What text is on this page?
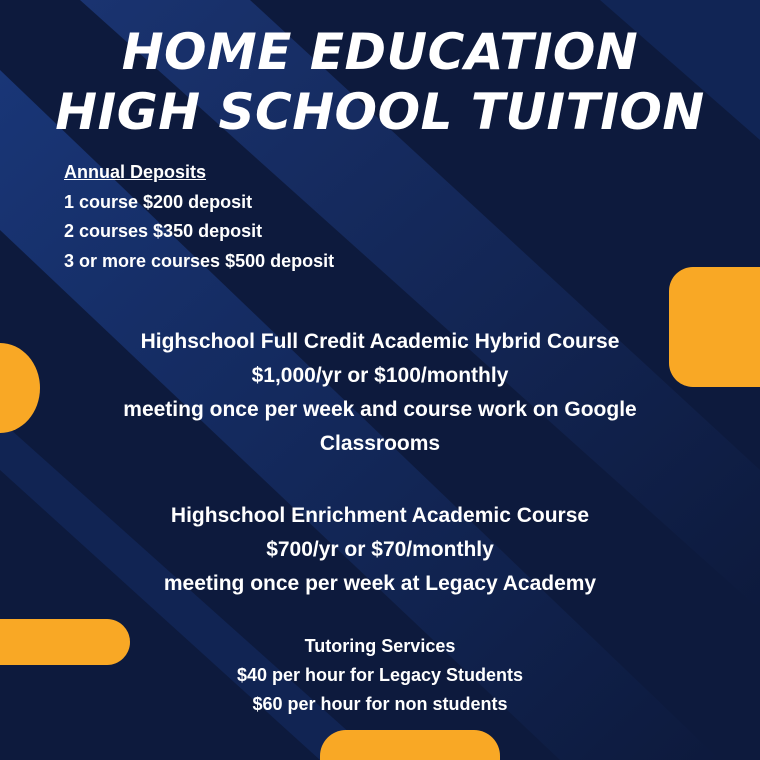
HOME EDUCATION
HIGH SCHOOL TUITION
Annual Deposits
1 course $200 deposit
2 courses $350 deposit
3 or more courses $500 deposit
Highschool Full Credit Academic Hybrid Course
$1,000/yr or $100/monthly
meeting once per week and course work on Google
Classrooms
Highschool Enrichment Academic Course
$700/yr or $70/monthly
meeting once per week at Legacy Academy
Tutoring Services
$40 per hour for Legacy Students
$60 per hour for non students
